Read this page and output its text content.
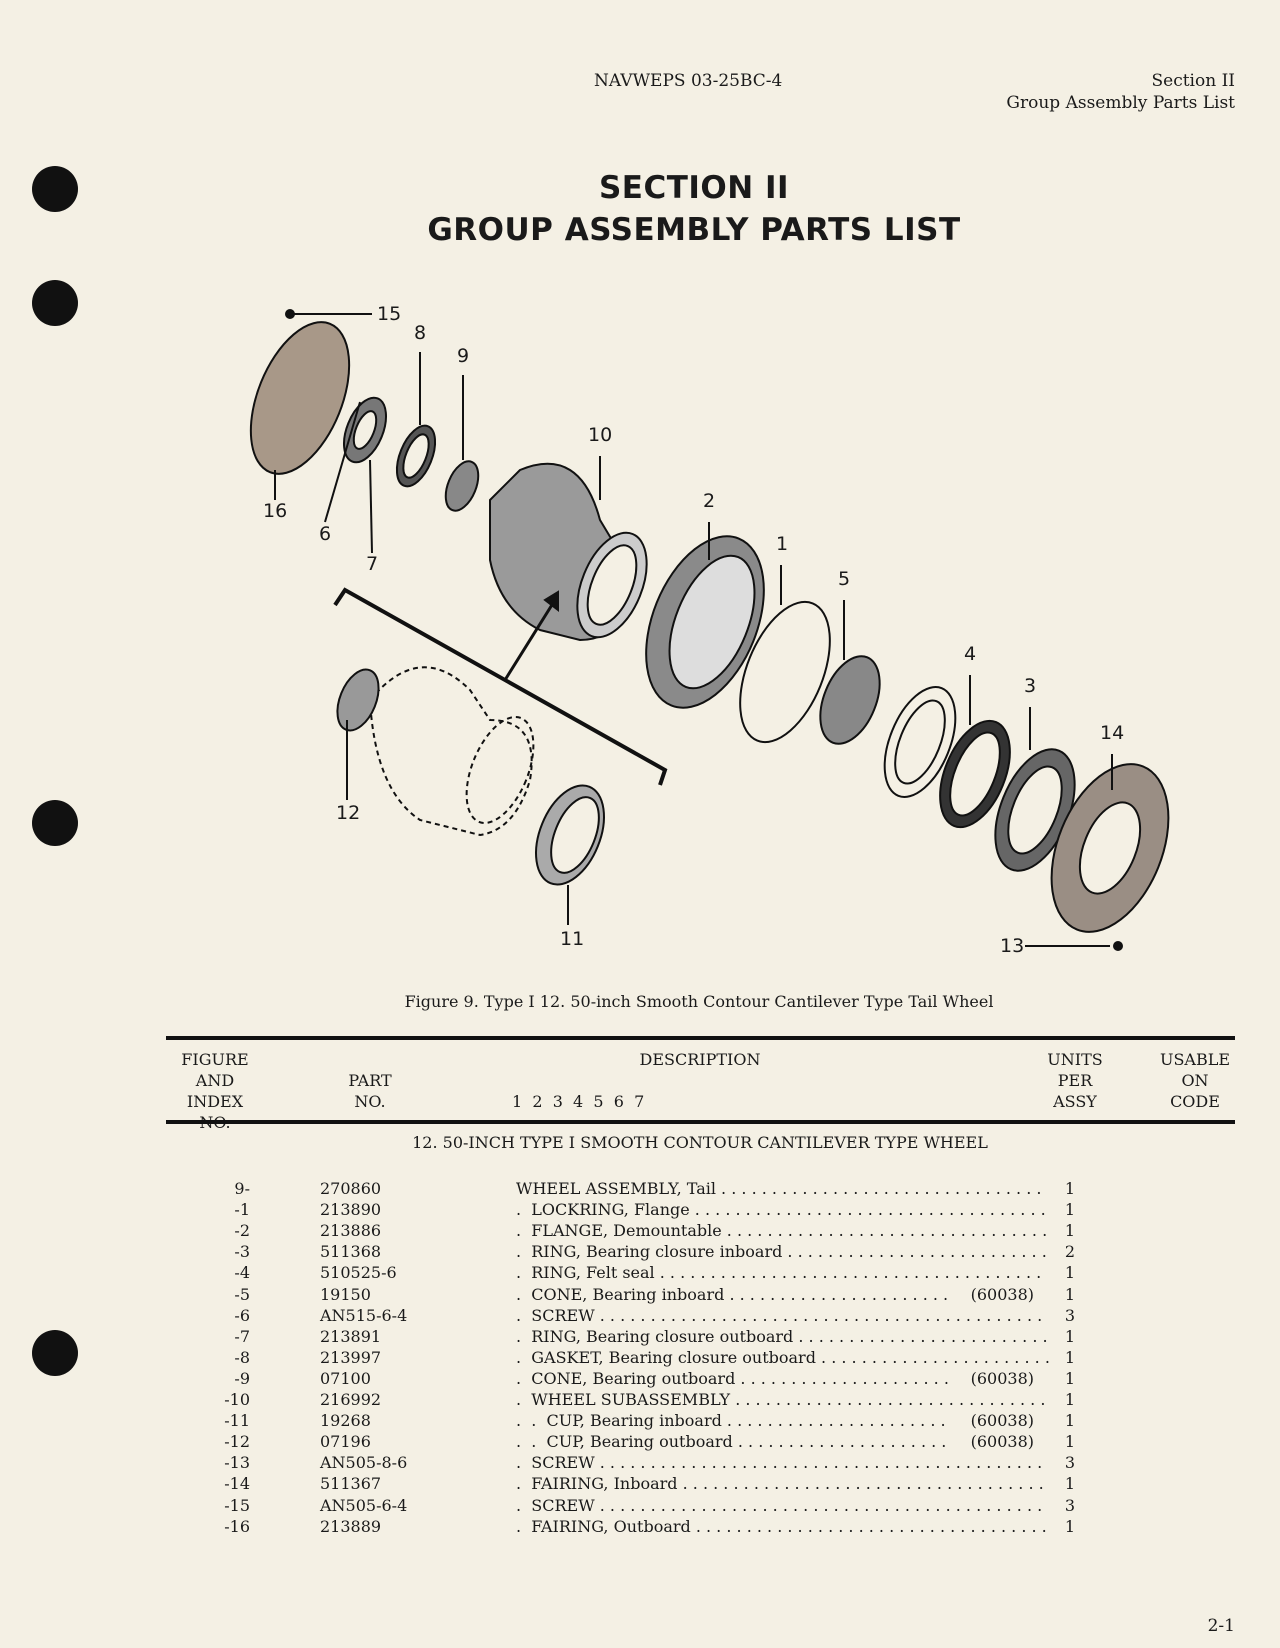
NAVWEPS 03-25BC-4	Section II
Group Assembly Parts List
SECTION II
GROUP ASSEMBLY PARTS LIST
15
8
9
10
16
6
7
2
1
5
4
3
14
12
11	13
Figure 9. Type I 12. 50-inch Smooth Contour Cantilever Type Tail Wheel
FIGURE AND
INDEX
PART
NO.
DESCRIPTION
1  2  3  4  5  6  7
UNITS
PER
ASSY
USABLE
ON
CODE
12. 50-INCH TYPE I SMOOTH CONTOUR CANTILEVER TYPE WHEEL
9-	270860	WHEEL ASSEMBLY, Tail . . . . . . . . . . . . . . . . . . . . . . . . . . . . . . . .	1
-1	213890	.  LOCKRING, Flange . . . . . . . . . . . . . . . . . . . . . . . . . . . . . . . . . . .	1
-2	213886	.  FLANGE, Demountable . . . . . . . . . . . . . . . . . . . . . . . . . . . . . . . .	1
-3	511368	.  RING, Bearing closure inboard . . . . . . . . . . . . . . . . . . . . . . . . . .	2
-4	510525-6	.  RING, Felt seal . . . . . . . . . . . . . . . . . . . . . . . . . . . . . . . . . . . . . .	1
-5	19150	.  CONE, Bearing inboard . . . . . . . . . . . . . . . . . . . . . .	(60038)	1
-6	AN515-6-4	.  SCREW . . . . . . . . . . . . . . . . . . . . . . . . . . . . . . . . . . . . . . . . . . . .	3
-7	213891	.  RING, Bearing closure outboard . . . . . . . . . . . . . . . . . . . . . . . . .	1
-8	213997	.  GASKET, Bearing closure outboard . . . . . . . . . . . . . . . . . . . . . . . 1
-9	07100	.  CONE, Bearing outboard . . . . . . . . . . . . . . . . . . . . .	(60038)	1
-10	216992	.  WHEEL SUBASSEMBLY . . . . . . . . . . . . . . . . . . . . . . . . . . . . . . .	1
-11	19268	.  .  CUP, Bearing inboard . . . . . . . . . . . . . . . . . . . . . .	(60038)	1
-12	07196	.  .  CUP, Bearing outboard . . . . . . . . . . . . . . . . . . . . .	(60038)	1
-13	AN505-8-6	.  SCREW . . . . . . . . . . . . . . . . . . . . . . . . . . . . . . . . . . . . . . . . . . . .	3
-14	511367	.  FAIRING, Inboard . . . . . . . . . . . . . . . . . . . . . . . . . . . . . . . . . . . .	1
-15	AN505-6-4	.  SCREW . . . . . . . . . . . . . . . . . . . . . . . . . . . . . . . . . . . . . . . . . . . .	3
-16	213889	.  FAIRING, Outboard . . . . . . . . . . . . . . . . . . . . . . . . . . . . . . . . . . .	1
2-1
